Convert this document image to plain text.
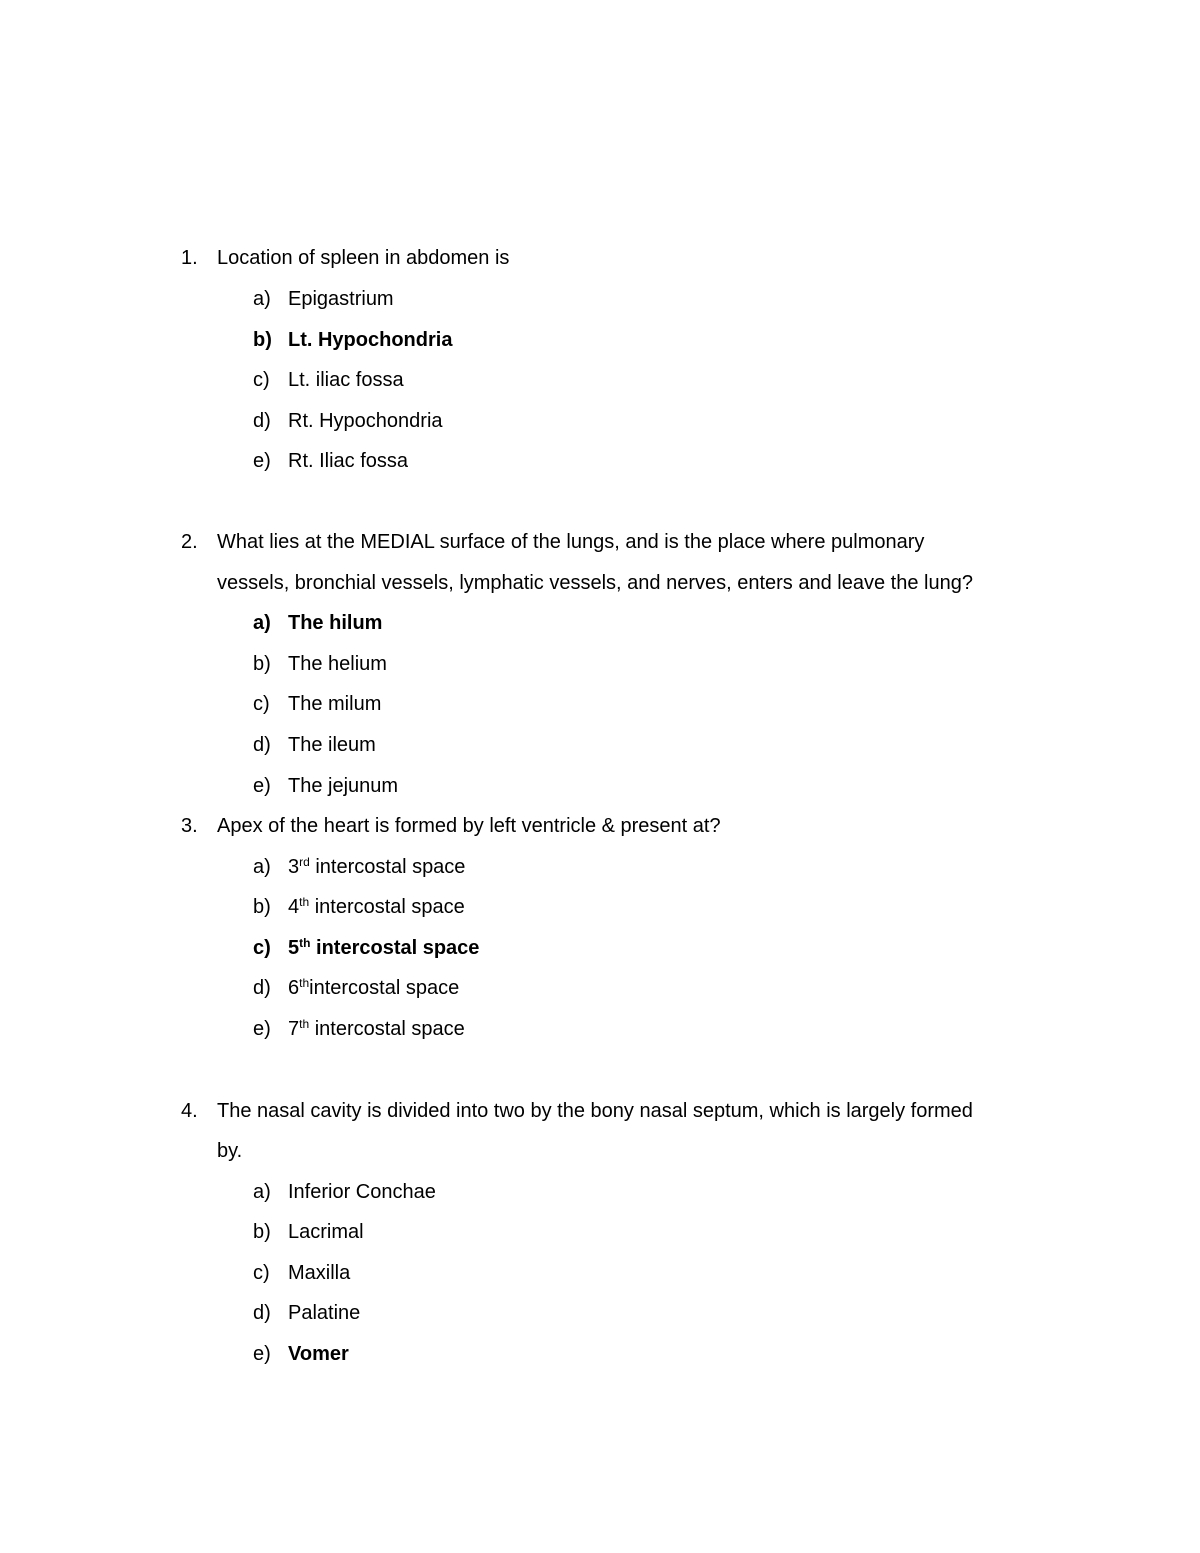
1. Location of spleen in abdomen is
a) Epigastrium
b) Lt. Hypochondria
c) Lt. iliac fossa
d) Rt. Hypochondria
e) Rt. Iliac fossa
2. What lies at the MEDIAL surface of the lungs, and is the place where pulmonary
vessels, bronchial vessels, lymphatic vessels, and nerves, enters and leave the lung?
a) The hilum
b) The helium
c) The milum
d) The ileum
e) The jejunum
3. Apex of the heart is formed by left ventricle & present at?
a) 3rd intercostal space
b) 4th intercostal space
c) 5th intercostal space
d) 6thintercostal space
e) 7th intercostal space
4. The nasal cavity is divided into two by the bony nasal septum, which is largely formed
by.
a) Inferior Conchae
b) Lacrimal
c) Maxilla
d) Palatine
e) Vomer
